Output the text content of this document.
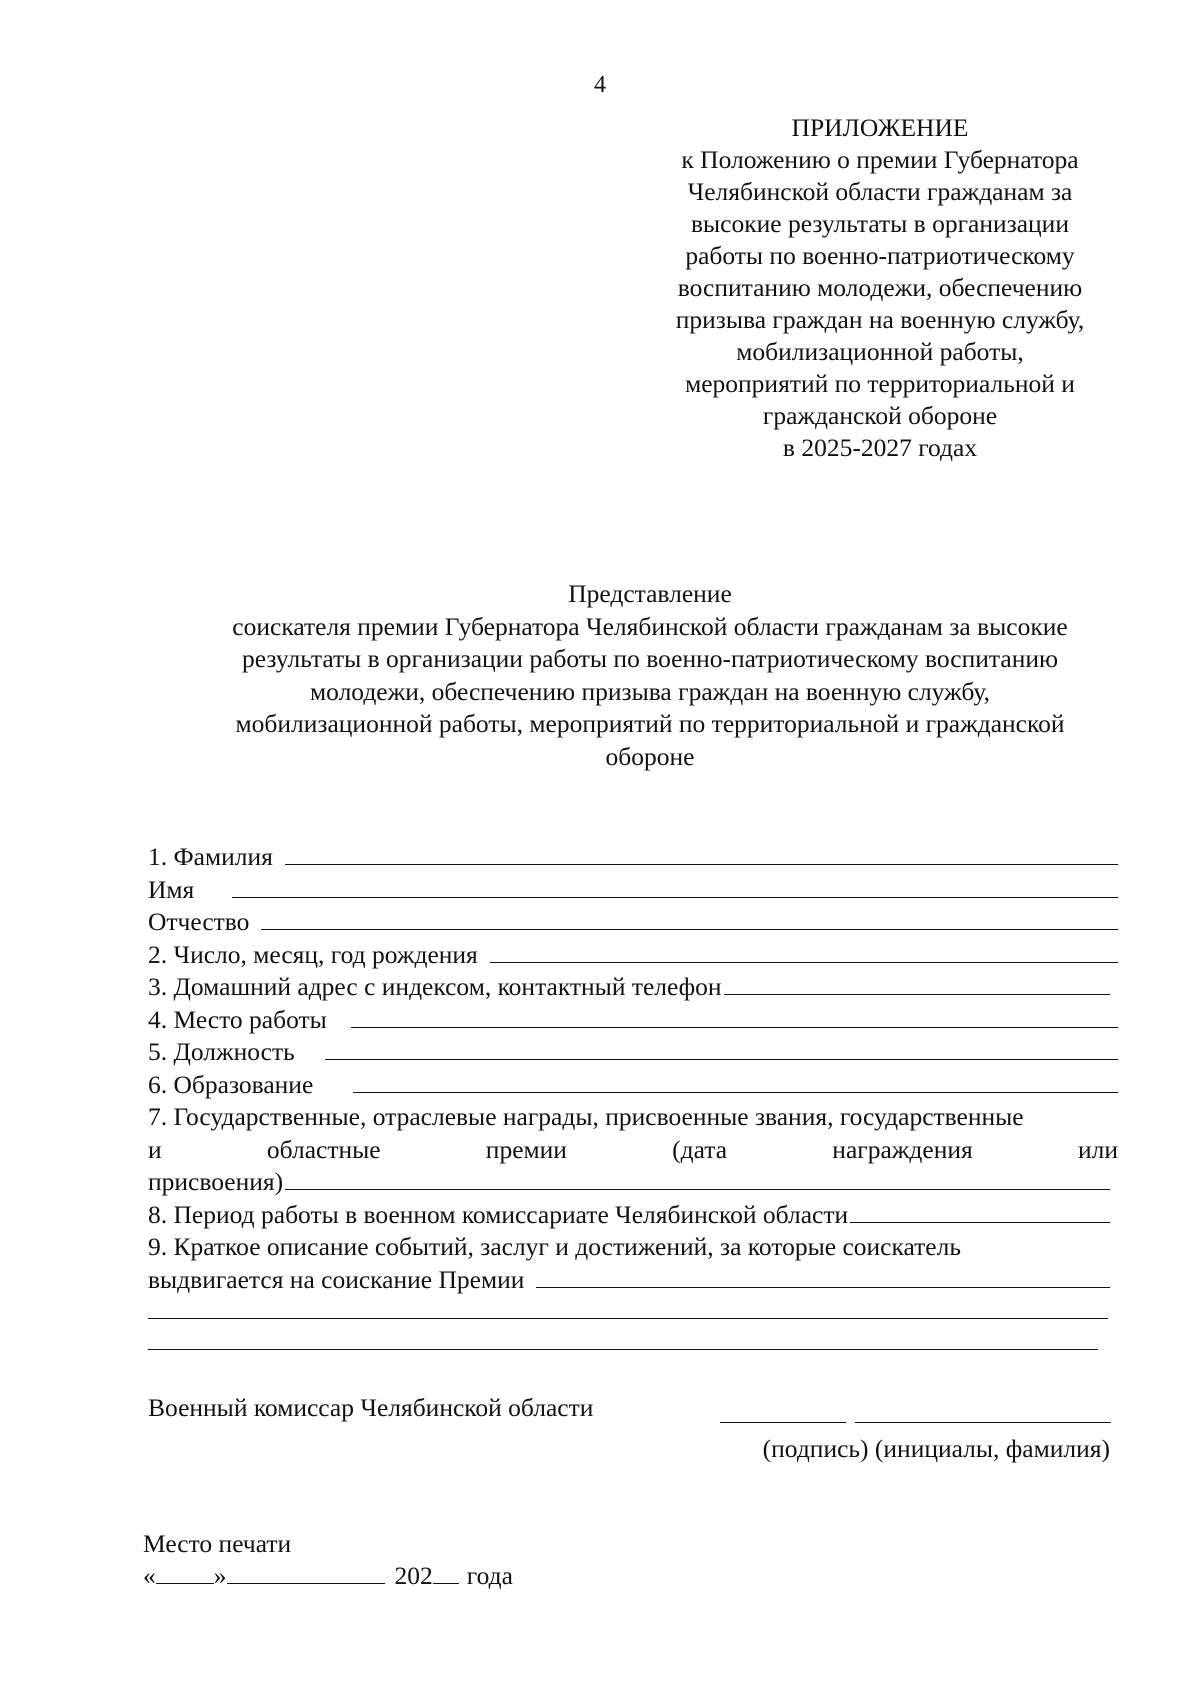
4
ПРИЛОЖЕНИЕ
к Положению о премии Губернатора
Челябинской области гражданам за
высокие результаты в организации
работы по военно-патриотическому
воспитанию молодежи, обеспечению
призыва граждан на военную службу,
мобилизационной работы,
мероприятий по территориальной и
гражданской обороне
в 2025-2027 годах
Представление
соискателя премии Губернатора Челябинской области гражданам за высокие
результаты в организации работы по военно-патриотическому воспитанию
молодежи, обеспечению призыва граждан на военную службу,
мобилизационной работы, мероприятий по территориальной и гражданской
обороне
1. Фамилия
Имя
Отчество
2. Число, месяц, год рождения
3. Домашний адрес с индексом, контактный телефон
4. Место работы
5. Должность
6. Образование
7. Государственные, отраслевые награды, присвоенные звания, государственные
и	областные	премии	(дата	награждения	или
присвоения)
8. Период работы в военном комиссариате Челябинской области
9. Краткое описание событий, заслуг и достижений, за которые соискатель
выдвигается на соискание Премии
Военный комиссар Челябинской области
(подпись) (инициалы, фамилия)
Место печати
« »	202 года
